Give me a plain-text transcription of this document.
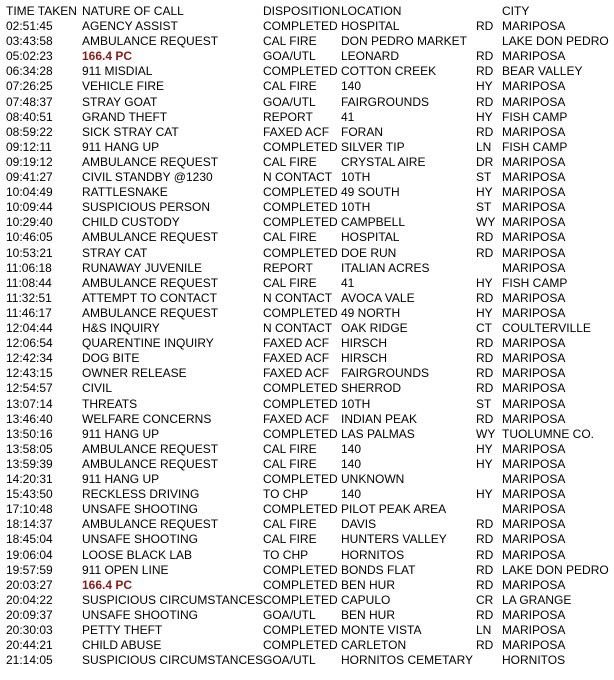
TIME TAKEN NATURE OF CALL	DISPOSITION LOCATION	CITY
02:51:45 AGENCY ASSIST	COMPLETED HOSPITAL	RD MARIPOSA
03:43:58 AMBULANCE REQUEST	CAL FIRE DON PEDRO MARKET	LAKE DON PEDRO
05:02:23 166.4 PC	GOA/UTL LEONARD	RD MARIPOSA
06:34:28 911 MISDIAL	COMPLETED COTTON CREEK	RD BEAR VALLEY
07:26:25 VEHICLE FIRE	CAL FIRE 140	HY MARIPOSA
07:48:37 STRAY GOAT	GOA/UTL FAIRGROUNDS	RD MARIPOSA
08:40:51 GRAND THEFT	REPORT 41	HY FISH CAMP
08:59:22 SICK STRAY CAT	FAXED ACF FORAN	RD MARIPOSA
09:12:11	911 HANG UP	COMPLETED SILVER TIP	LN FISH CAMP
09:19:12 AMBULANCE REQUEST	CAL FIRE CRYSTAL AIRE	DR MARIPOSA
09:41:27 CIVIL STANDBY @1230	N CONTACT 10TH	ST MARIPOSA
10:04:49 RATTLESNAKE	COMPLETED 49 SOUTH	HY MARIPOSA
10:09:44 SUSPICIOUS PERSON	COMPLETED 10TH	ST MARIPOSA
10:29:40 CHILD CUSTODY	COMPLETED CAMPBELL	WY MARIPOSA
10:46:05 AMBULANCE REQUEST	CAL FIRE HOSPITAL	RD MARIPOSA
10:53:21 STRAY CAT	COMPLETED DOE RUN	RD MARIPOSA
11:06:18	RUNAWAY JUVENILE	REPORT ITALIAN ACRES	MARIPOSA
11:08:44	AMBULANCE REQUEST	CAL FIRE 41	HY FISH CAMP
11:32:51	ATTEMPT TO CONTACT	N CONTACT AVOCA VALE	RD MARIPOSA
11:46:17	AMBULANCE REQUEST	COMPLETED 49 NORTH	HY MARIPOSA
12:04:44 H&S INQUIRY	N CONTACT OAK RIDGE	CT COULTERVILLE
12:06:54 QUARENTINE INQUIRY	FAXED ACF HIRSCH	RD MARIPOSA
12:42:34 DOG BITE	FAXED ACF HIRSCH	RD MARIPOSA
12:43:15 OWNER RELEASE	FAXED ACF FAIRGROUNDS	RD MARIPOSA
12:54:57 CIVIL	COMPLETED SHERROD	RD MARIPOSA
13:07:14 THREATS	COMPLETED 10TH	ST MARIPOSA
13:46:40 WELFARE CONCERNS	FAXED ACF INDIAN PEAK	RD MARIPOSA
13:50:16 911 HANG UP	COMPLETED LAS PALMAS	WY TUOLUMNE CO.
13:58:05 AMBULANCE REQUEST	CAL FIRE 140	HY MARIPOSA
13:59:39 AMBULANCE REQUEST	CAL FIRE 140	HY MARIPOSA
14:20:31 911 HANG UP	COMPLETED UNKNOWN	MARIPOSA
15:43:50 RECKLESS DRIVING	TO CHP	140	HY MARIPOSA
17:10:48 UNSAFE SHOOTING	COMPLETED PILOT PEAK AREA	MARIPOSA
18:14:37 AMBULANCE REQUEST	CAL FIRE DAVIS	RD MARIPOSA
18:45:04 UNSAFE SHOOTING	CAL FIRE HUNTERS VALLEY RD MARIPOSA
19:06:04 LOOSE BLACK LAB	TO CHP	HORNITOS	RD MARIPOSA
19:57:59 911 OPEN LINE	COMPLETED BONDS FLAT	RD LAKE DON PEDRO
20:03:27 166.4 PC	COMPLETED BEN HUR	RD MARIPOSA
20:04:22 SUSPICIOUS CIRCUMSTANCES COMPLETED CAPULO	CR LA GRANGE
20:09:37 UNSAFE SHOOTING	GOA/UTL BEN HUR	RD MARIPOSA
20:30:03 PETTY THEFT	COMPLETED MONTE VISTA	LN MARIPOSA
20:44:21 CHILD ABUSE	COMPLETED CARLETON	RD MARIPOSA
21:14:05 SUSPICIOUS CIRCUMSTANCES GOA/UTL HORNITOS CEMETARY HORNITOS
